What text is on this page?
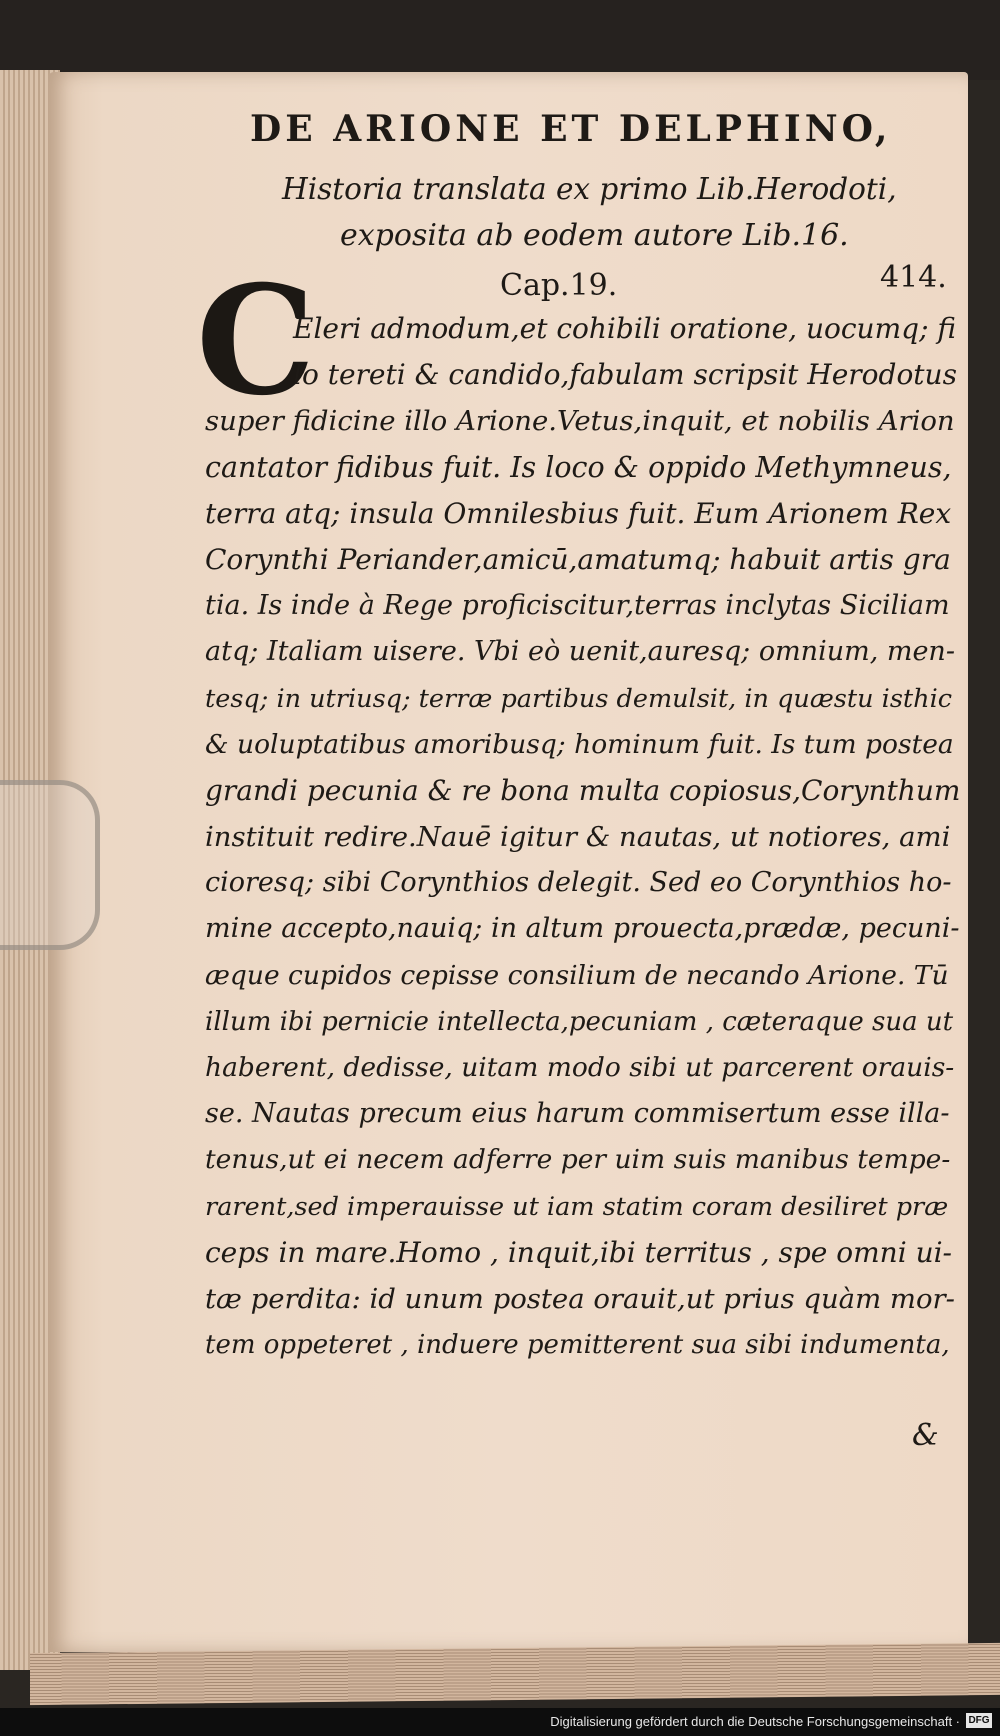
DE ARIONE ET DELPHINO,
Historia translata ex primo Lib.Herodoti,
exposita ab eodem autore Lib.16.
Cap.19.	414.
C
Eleri admodum,et cohibili oratione, uocumq; fi
lo tereti & candido,fabulam scripsit Herodotus
super fidicine illo Arione.Vetus,inquit, et nobilis Arion
cantator fidibus fuit. Is loco & oppido Methymneus,
terra atq; insula Omnilesbius fuit. Eum Arionem Rex
Corynthi Periander,amicū,amatumq; habuit artis gra
tia. Is inde à Rege proficiscitur,terras inclytas Siciliam
atq; Italiam uisere. Vbi eò uenit,auresq; omnium, men-
tesq; in utriusq; terræ partibus demulsit, in quæstu isthic
& uoluptatibus amoribusq; hominum fuit. Is tum postea
grandi pecunia & re bona multa copiosus,Corynthum
instituit redire.Nauē igitur & nautas, ut notiores, ami
cioresq; sibi Corynthios delegit. Sed eo Corynthios ho-
mine accepto,nauiq; in altum prouecta,prædæ, pecuni-
æque cupidos cepisse consilium de necando Arione. Tū
illum ibi pernicie intellecta,pecuniam , cæteraque sua ut
haberent, dedisse, uitam modo sibi ut parcerent orauis-
se. Nautas precum eius harum commisertum esse illa-
tenus,ut ei necem adferre per uim suis manibus tempe-
rarent,sed imperauisse ut iam statim coram desiliret præ
ceps in mare.Homo , inquit,ibi territus , spe omni ui-
tæ perdita: id unum postea orauit,ut prius quàm mor-
tem oppeteret , induere pemitterent sua sibi indumenta,
&
Digitalisierung gefördert durch die Deutsche Forschungsgemeinschaft · DFG
